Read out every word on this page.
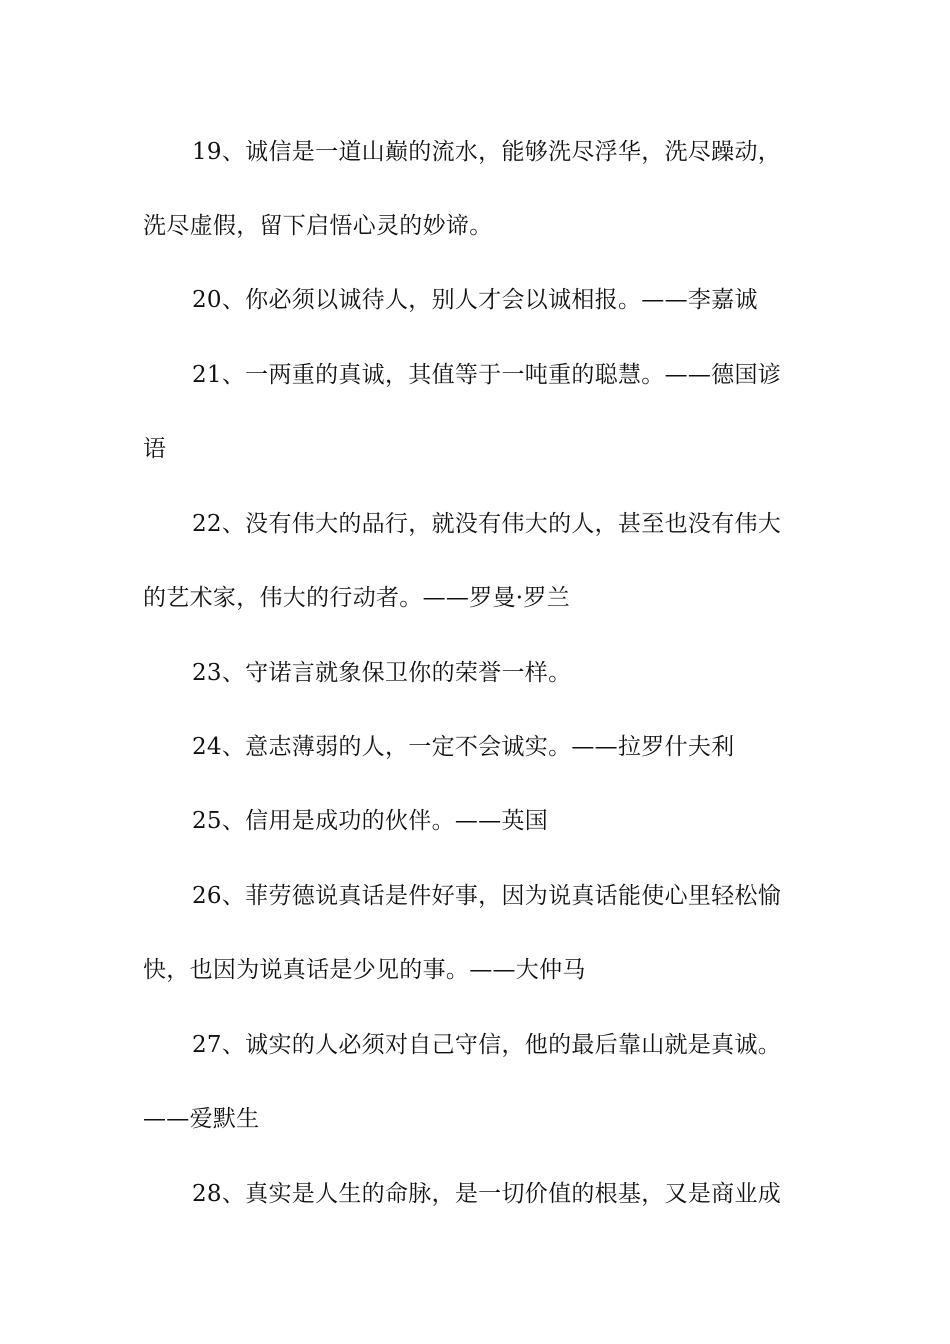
19、诚信是一道山巅的流水，能够洗尽浮华，洗尽躁动，
洗尽虚假，留下启悟心灵的妙谛。
20、你必须以诚待人，别人才会以诚相报。——李嘉诚
21、一两重的真诚，其值等于一吨重的聪慧。——德国谚
语
22、没有伟大的品行，就没有伟大的人，甚至也没有伟大
的艺术家，伟大的行动者。——罗曼·罗兰
23、守诺言就象保卫你的荣誉一样。
24、意志薄弱的人，一定不会诚实。——拉罗什夫利
25、信用是成功的伙伴。——英国
26、菲劳德说真话是件好事，因为说真话能使心里轻松愉
快，也因为说真话是少见的事。——大仲马
27、诚实的人必须对自己守信，他的最后靠山就是真诚。
——爱默生
28、真实是人生的命脉，是一切价值的根基，又是商业成
